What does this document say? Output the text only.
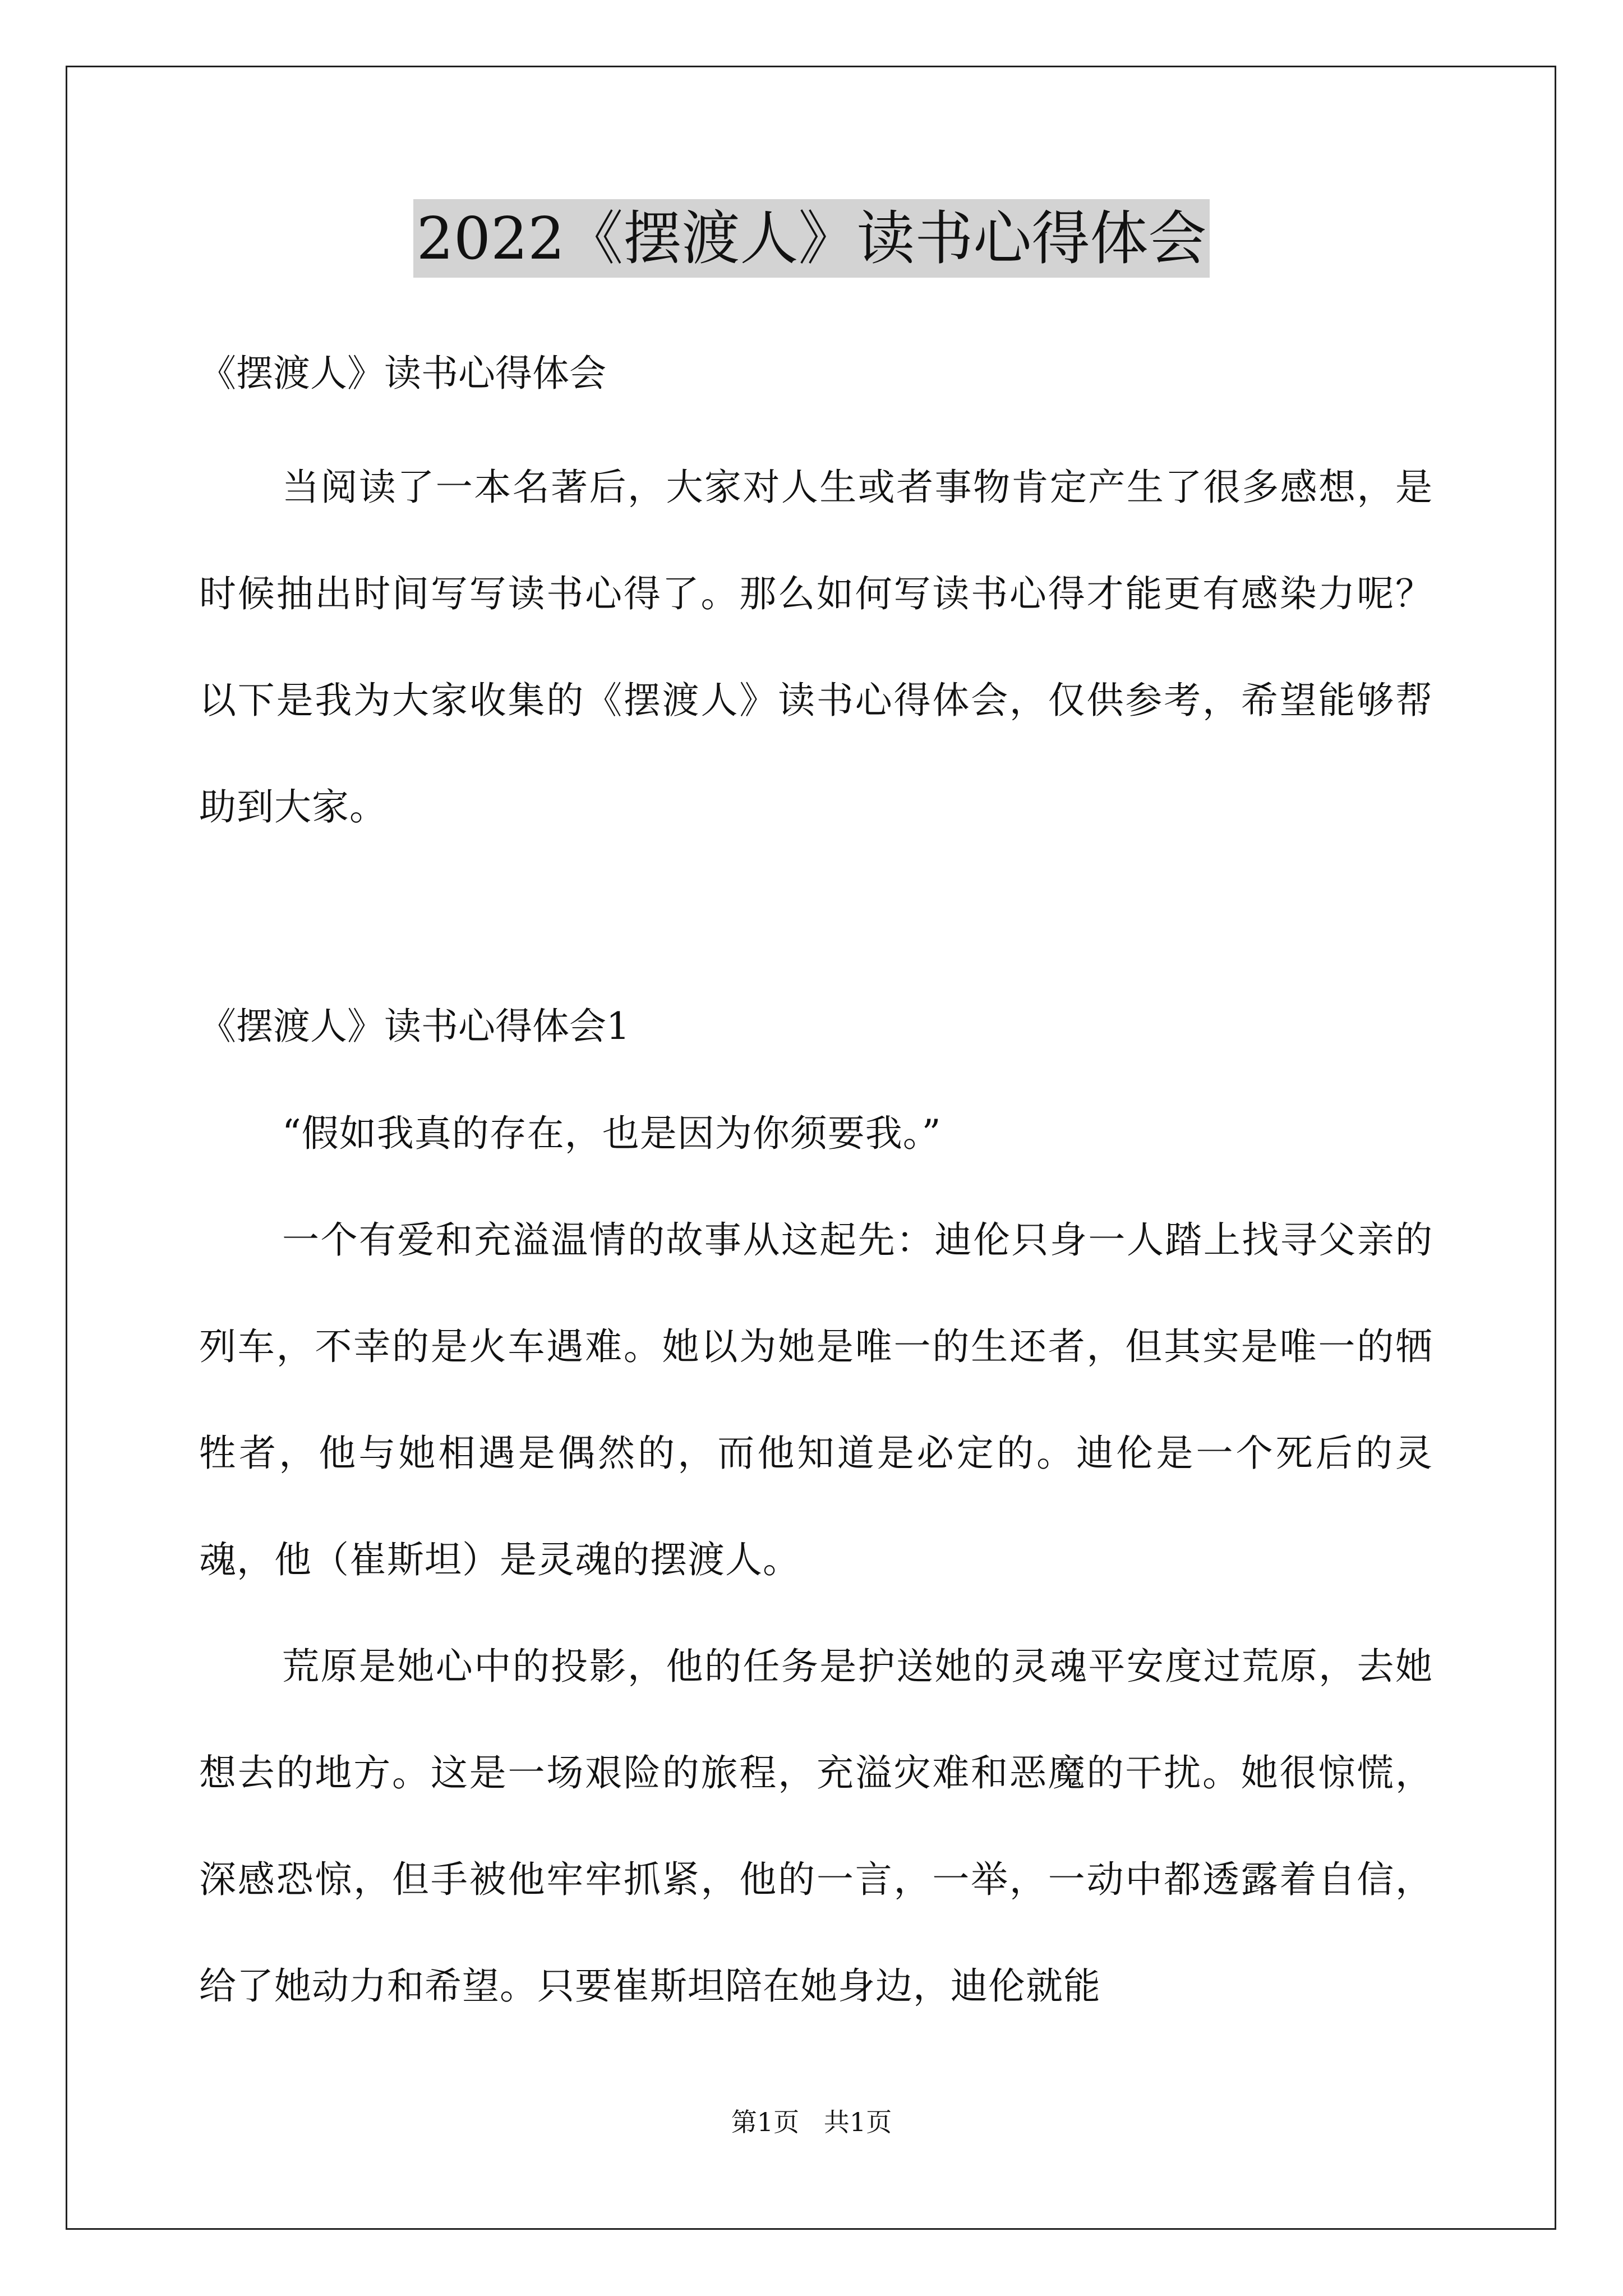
2022《摆渡人》读书心得体会
《摆渡人》读书心得体会

当阅读了一本名著后，大家对人生或者事物肯定产生了很多感想，是时候抽出时间写写读书心得了。那么如何写读书心得才能更有感染力呢？以下是我为大家收集的《摆渡人》读书心得体会，仅供参考，希望能够帮助到大家。

《摆渡人》读书心得体会1

“假如我真的存在，也是因为你须要我。”

一个有爱和充溢温情的故事从这起先：迪伦只身一人踏上找寻父亲的列车，不幸的是火车遇难。她以为她是唯一的生还者，但其实是唯一的牺牲者，他与她相遇是偶然的，而他知道是必定的。迪伦是一个死后的灵魂，他（崔斯坦）是灵魂的摆渡人。

荒原是她心中的投影，他的任务是护送她的灵魂平安度过荒原，去她想去的地方。这是一场艰险的旅程，充溢灾难和恶魔的干扰。她很惊慌，深感恐惊，但手被他牢牢抓紧，他的一言，一举，一动中都透露着自信，给了她动力和希望。只要崔斯坦陪在她身边，迪伦就能

第1页   共1页
